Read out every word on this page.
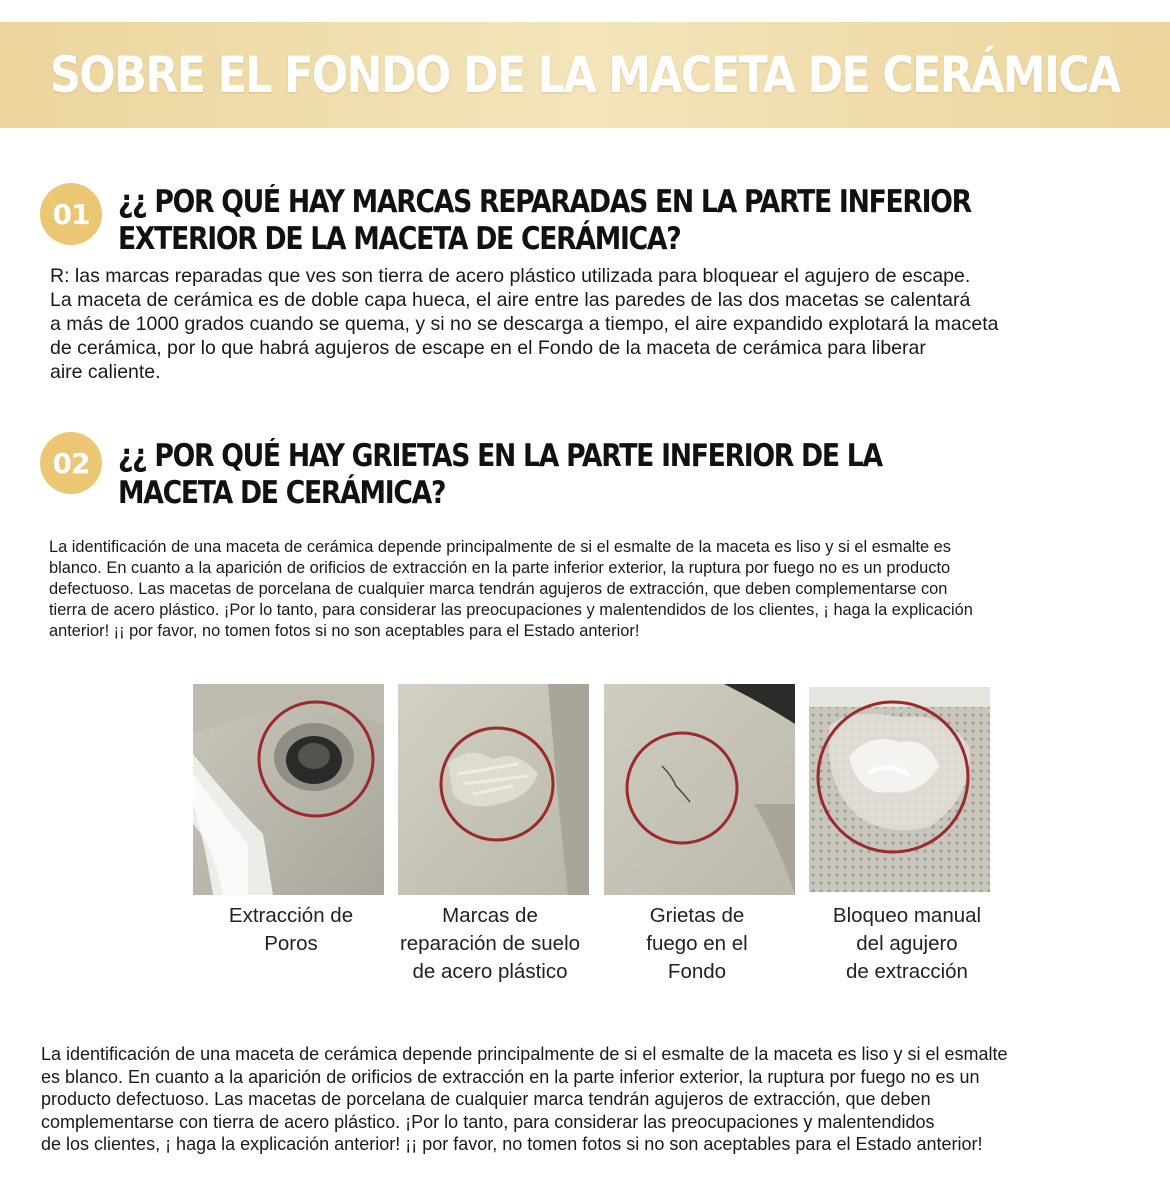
SOBRE EL FONDO DE LA MACETA DE CERÁMICA
01 ¿¿ POR QUÉ HAY MARCAS REPARADAS EN LA PARTE INFERIOR
EXTERIOR DE LA MACETA DE CERÁMICA?
R: las marcas reparadas que ves son tierra de acero plástico utilizada para bloquear el agujero de escape.
La maceta de cerámica es de doble capa hueca, el aire entre las paredes de las dos macetas se calentará
a más de 1000 grados cuando se quema, y si no se descarga a tiempo, el aire expandido explotará la maceta
de cerámica, por lo que habrá agujeros de escape en el Fondo de la maceta de cerámica para liberar
aire caliente.
02 ¿¿ POR QUÉ HAY GRIETAS EN LA PARTE INFERIOR DE LA
MACETA DE CERÁMICA?
La identificación de una maceta de cerámica depende principalmente de si el esmalte de la maceta es liso y si el esmalte es
blanco. En cuanto a la aparición de orificios de extracción en la parte inferior exterior, la ruptura por fuego no es un producto
defectuoso. Las macetas de porcelana de cualquier marca tendrán agujeros de extracción, que deben complementarse con
tierra de acero plástico. ¡Por lo tanto, para considerar las preocupaciones y malentendidos de los clientes, ¡ haga la explicación
anterior! ¡¡ por favor, no tomen fotos si no son aceptables para el Estado anterior!
Extracción de
Poros
Marcas de
reparación de suelo
de acero plástico
Grietas de
fuego en el
Fondo
Bloqueo manual
del agujero
de extracción
La identificación de una maceta de cerámica depende principalmente de si el esmalte de la maceta es liso y si el esmalte
es blanco. En cuanto a la aparición de orificios de extracción en la parte inferior exterior, la ruptura por fuego no es un
producto defectuoso. Las macetas de porcelana de cualquier marca tendrán agujeros de extracción, que deben
complementarse con tierra de acero plástico. ¡Por lo tanto, para considerar las preocupaciones y malentendidos
de los clientes, ¡ haga la explicación anterior! ¡¡ por favor, no tomen fotos si no son aceptables para el Estado anterior!
